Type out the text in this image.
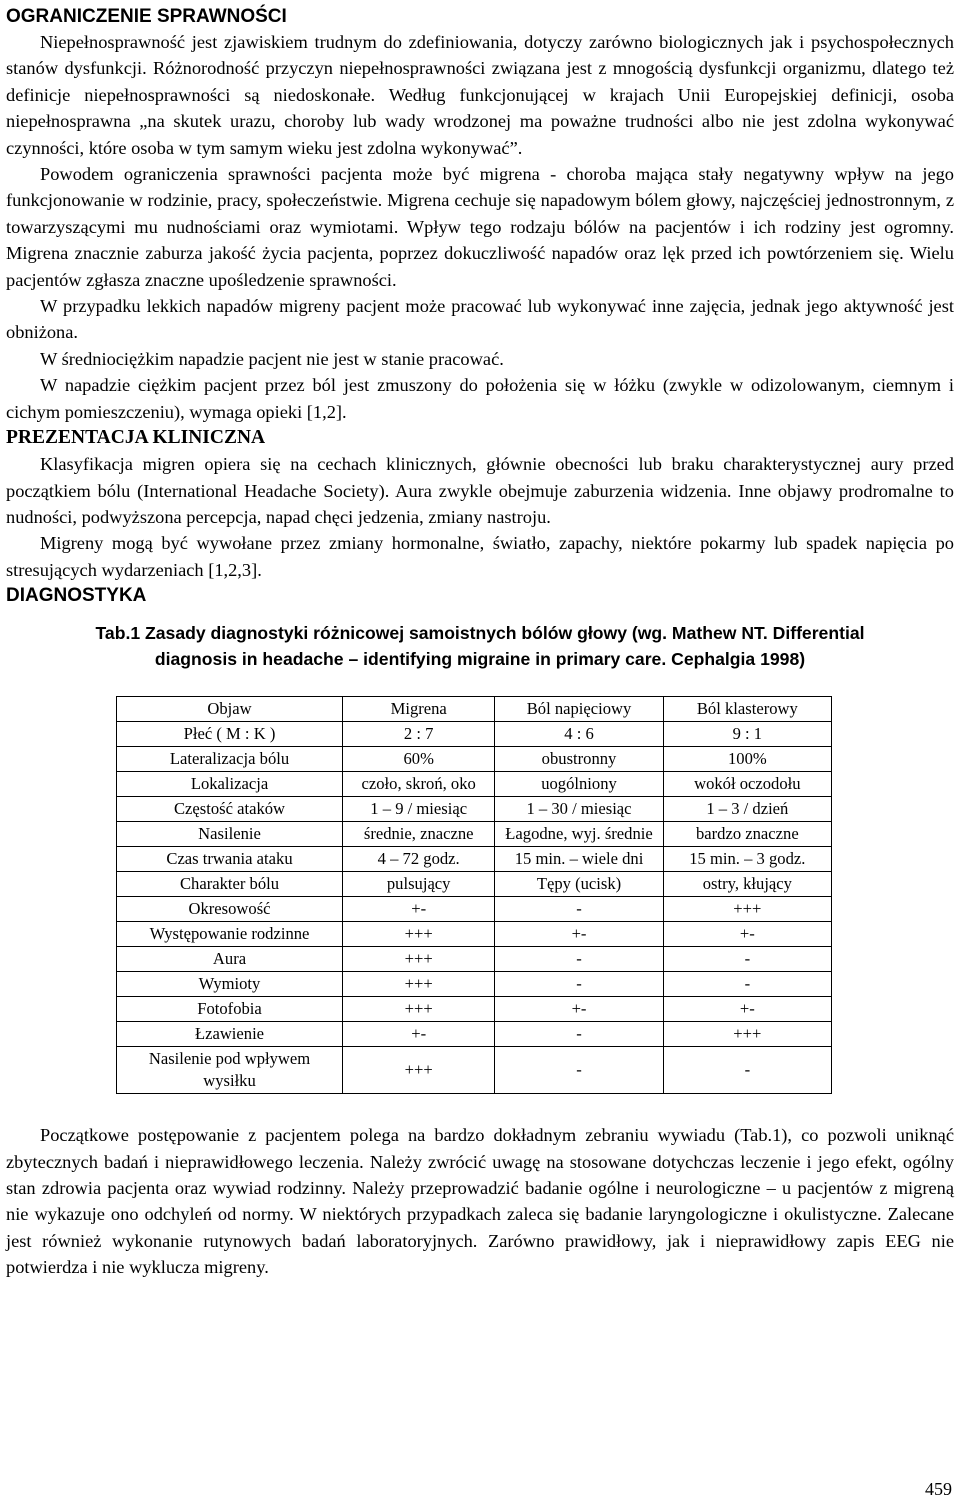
OGRANICZENIE SPRAWNOŚCI

Niepełnosprawność jest zjawiskiem trudnym do zdefiniowania, dotyczy zarówno biologicznych jak i psychospołecznych stanów dysfunkcji. Różnorodność przyczyn niepełnosprawności związana jest z mnogością dysfunkcji organizmu, dlatego też definicje niepełnosprawności są niedoskonałe. Według funkcjonującej w krajach Unii Europejskiej definicji, osoba niepełnosprawna „na skutek urazu, choroby lub wady wrodzonej ma poważne trudności albo nie jest zdolna wykonywać czynności, które osoba w tym samym wieku jest zdolna wykonywać”.

Powodem ograniczenia sprawności pacjenta może być migrena - choroba mająca stały negatywny wpływ na jego funkcjonowanie w rodzinie, pracy, społeczeństwie. Migrena cechuje się napadowym bólem głowy, najczęściej jednostronnym, z towarzyszącymi mu nudnościami oraz wymiotami. Wpływ tego rodzaju bólów na pacjentów i ich rodziny jest ogromny. Migrena znacznie zaburza jakość życia pacjenta, poprzez dokuczliwość napadów oraz lęk przed ich powtórzeniem się. Wielu pacjentów zgłasza znaczne upośledzenie sprawności.

W przypadku lekkich napadów migreny pacjent może pracować lub wykonywać inne zajęcia, jednak jego aktywność jest obniżona.

W średniociężkim napadzie pacjent nie jest w stanie pracować.

W napadzie ciężkim pacjent przez ból jest zmuszony do położenia się w łóżku (zwykle w odizolowanym, ciemnym i cichym pomieszczeniu), wymaga opieki [1,2].

PREZENTACJA KLINICZNA

Klasyfikacja migren opiera się na cechach klinicznych, głównie obecności lub braku charakterystycznej aury przed początkiem bólu (International Headache Society). Aura zwykle obejmuje zaburzenia widzenia. Inne objawy prodromalne to nudności, podwyższona percepcja, napad chęci jedzenia, zmiany nastroju.

Migreny mogą być wywołane przez zmiany hormonalne, światło, zapachy, niektóre pokarmy lub spadek napięcia po stresujących wydarzeniach [1,2,3].

DIAGNOSTYKA
Tab.1 Zasady diagnostyki różnicowej samoistnych bólów głowy (wg. Mathew NT. Differential
diagnosis in headache – identifying migraine in primary care. Cephalgia 1998)
Objaw	Migrena	Ból napięciowy	Ból klasterowy
Płeć ( M : K )	2 : 7	4 : 6	9 : 1
Lateralizacja bólu	60%	obustronny	100%
Lokalizacja	czoło, skroń, oko	uogólniony	wokół oczodołu
Częstość ataków	1 – 9 / miesiąc	1 – 30 / miesiąc	1 – 3 / dzień
Nasilenie	średnie, znaczne	Łagodne, wyj. średnie	bardzo znaczne
Czas trwania ataku	4 – 72 godz.	15 min. – wiele dni	15 min. – 3 godz.
Charakter bólu	pulsujący	Tępy (ucisk)	ostry, kłujący
Okresowość	+-	-	+++
Występowanie rodzinne	+++	+-	+-
Aura	+++	-	-
Wymioty	+++	-	-
Fotofobia	+++	+-	+-
Łzawienie	+-	-	+++
Nasilenie pod wpływem wysiłku	+++	-	-

Początkowe postępowanie z pacjentem polega na bardzo dokładnym zebraniu wywiadu (Tab.1), co pozwoli uniknąć zbytecznych badań i nieprawidłowego leczenia. Należy zwrócić uwagę na stosowane dotychczas leczenie i jego efekt, ogólny stan zdrowia pacjenta oraz wywiad rodzinny. Należy przeprowadzić badanie ogólne i neurologiczne – u pacjentów z migreną nie wykazuje ono odchyleń od normy. W niektórych przypadkach zaleca się badanie laryngologiczne i okulistyczne. Zalecane jest również wykonanie rutynowych badań laboratoryjnych. Zarówno prawidłowy, jak i nieprawidłowy zapis EEG nie potwierdza i nie wyklucza migreny.

459
